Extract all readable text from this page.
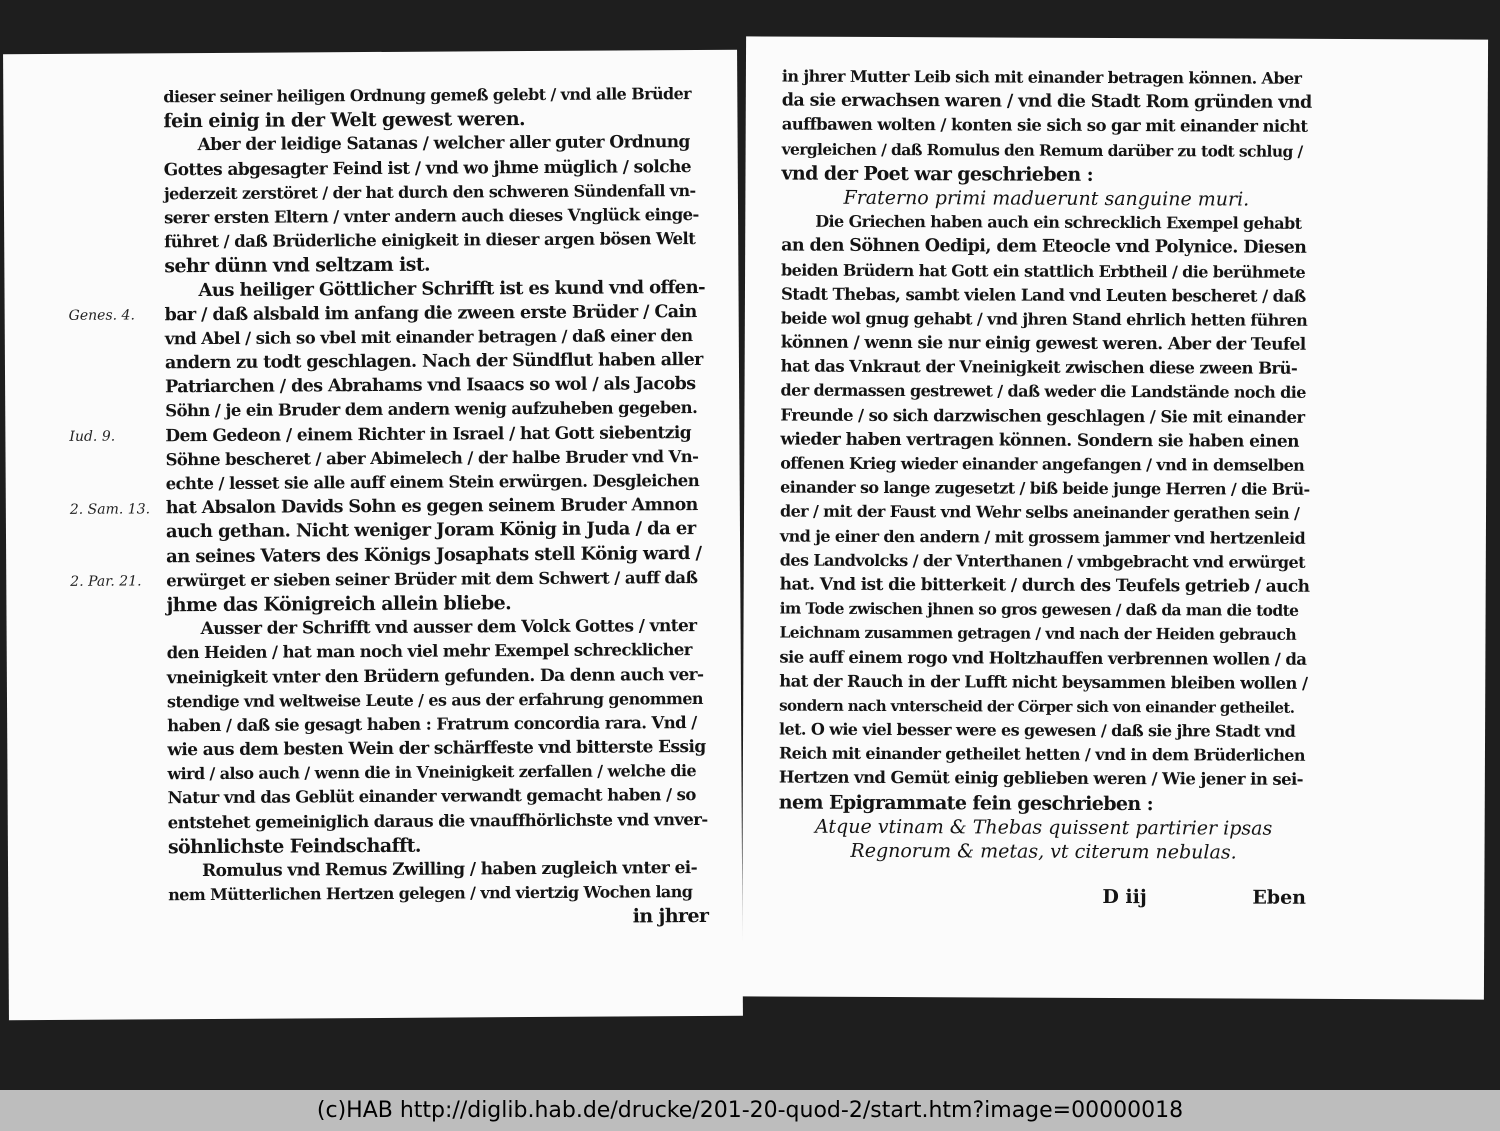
Genes. 4.
Iud. 9.
2. Sam. 13.
2. Par. 21.
dieser seiner heiligen Ordnung gemeß gelebt / vnd alle Brüder
fein einig in der Welt gewest weren.
Aber der leidige Satanas / welcher aller guter Ordnung
Gottes abgesagter Feind ist / vnd wo jhme müglich / solche
jederzeit zerstöret / der hat durch den schweren Sündenfall vn-
serer ersten Eltern / vnter andern auch dieses Vnglück einge-
führet / daß Brüderliche einigkeit in dieser argen bösen Welt
sehr dünn vnd seltzam ist.
Aus heiliger Göttlicher Schrifft ist es kund vnd offen-
bar / daß alsbald im anfang die zween erste Brüder / Cain
vnd Abel / sich so vbel mit einander betragen / daß einer den
andern zu todt geschlagen. Nach der Sündflut haben aller
Patriarchen / des Abrahams vnd Isaacs so wol / als Jacobs
Söhn / je ein Bruder dem andern wenig aufzuheben gegeben.
Dem Gedeon / einem Richter in Israel / hat Gott siebentzig
Söhne bescheret / aber Abimelech / der halbe Bruder vnd Vn-
echte / lesset sie alle auff einem Stein erwürgen. Desgleichen
hat Absalon Davids Sohn es gegen seinem Bruder Amnon
auch gethan. Nicht weniger Joram König in Juda / da er
an seines Vaters des Königs Josaphats stell König ward /
erwürget er sieben seiner Brüder mit dem Schwert / auff daß
jhme das Königreich allein bliebe.
Ausser der Schrifft vnd ausser dem Volck Gottes / vnter
den Heiden / hat man noch viel mehr Exempel schrecklicher
vneinigkeit vnter den Brüdern gefunden. Da denn auch ver-
stendige vnd weltweise Leute / es aus der erfahrung genommen
haben / daß sie gesagt haben : Fratrum concordia rara. Vnd /
wie aus dem besten Wein der schärffeste vnd bitterste Essig
wird / also auch / wenn die in Vneinigkeit zerfallen / welche die
Natur vnd das Geblüt einander verwandt gemacht haben / so
entstehet gemeiniglich daraus die vnauffhörlichste vnd vnver-
söhnlichste Feindschafft.
Romulus vnd Remus Zwilling / haben zugleich vnter ei-
nem Mütterlichen Hertzen gelegen / vnd viertzig Wochen lang
in jhrer
in jhrer Mutter Leib sich mit einander betragen können. Aber
da sie erwachsen waren / vnd die Stadt Rom gründen vnd
auffbawen wolten / konten sie sich so gar mit einander nicht
vergleichen / daß Romulus den Remum darüber zu todt schlug /
vnd der Poet war geschrieben :
Fraterno primi maduerunt sanguine muri.
Die Griechen haben auch ein schrecklich Exempel gehabt
an den Söhnen Oedipi, dem Eteocle vnd Polynice. Diesen
beiden Brüdern hat Gott ein stattlich Erbtheil / die berühmete
Stadt Thebas, sambt vielen Land vnd Leuten bescheret / daß
beide wol gnug gehabt / vnd jhren Stand ehrlich hetten führen
können / wenn sie nur einig gewest weren. Aber der Teufel
hat das Vnkraut der Vneinigkeit zwischen diese zween Brü-
der dermassen gestrewet / daß weder die Landstände noch die
Freunde / so sich darzwischen geschlagen / Sie mit einander
wieder haben vertragen können. Sondern sie haben einen
offenen Krieg wieder einander angefangen / vnd in demselben
einander so lange zugesetzt / biß beide junge Herren / die Brü-
der / mit der Faust vnd Wehr selbs aneinander gerathen sein /
vnd je einer den andern / mit grossem jammer vnd hertzenleid
des Landvolcks / der Vnterthanen / vmbgebracht vnd erwürget
hat. Vnd ist die bitterkeit / durch des Teufels getrieb / auch
im Tode zwischen jhnen so gros gewesen / daß da man die todte
Leichnam zusammen getragen / vnd nach der Heiden gebrauch
sie auff einem rogo vnd Holtzhauffen verbrennen wollen / da
hat der Rauch in der Lufft nicht beysammen bleiben wollen /
sondern nach vnterscheid der Cörper sich von einander getheilet.
let. O wie viel besser were es gewesen / daß sie jhre Stadt vnd
Reich mit einander getheilet hetten / vnd in dem Brüderlichen
Hertzen vnd Gemüt einig geblieben weren / Wie jener in sei-
nem Epigrammate fein geschrieben :
Atque vtinam & Thebas quissent partirier ipsas
Regnorum & metas, vt citerum nebulas.
D iij	Eben
(c)HAB http://diglib.hab.de/drucke/201-20-quod-2/start.htm?image=00000018
